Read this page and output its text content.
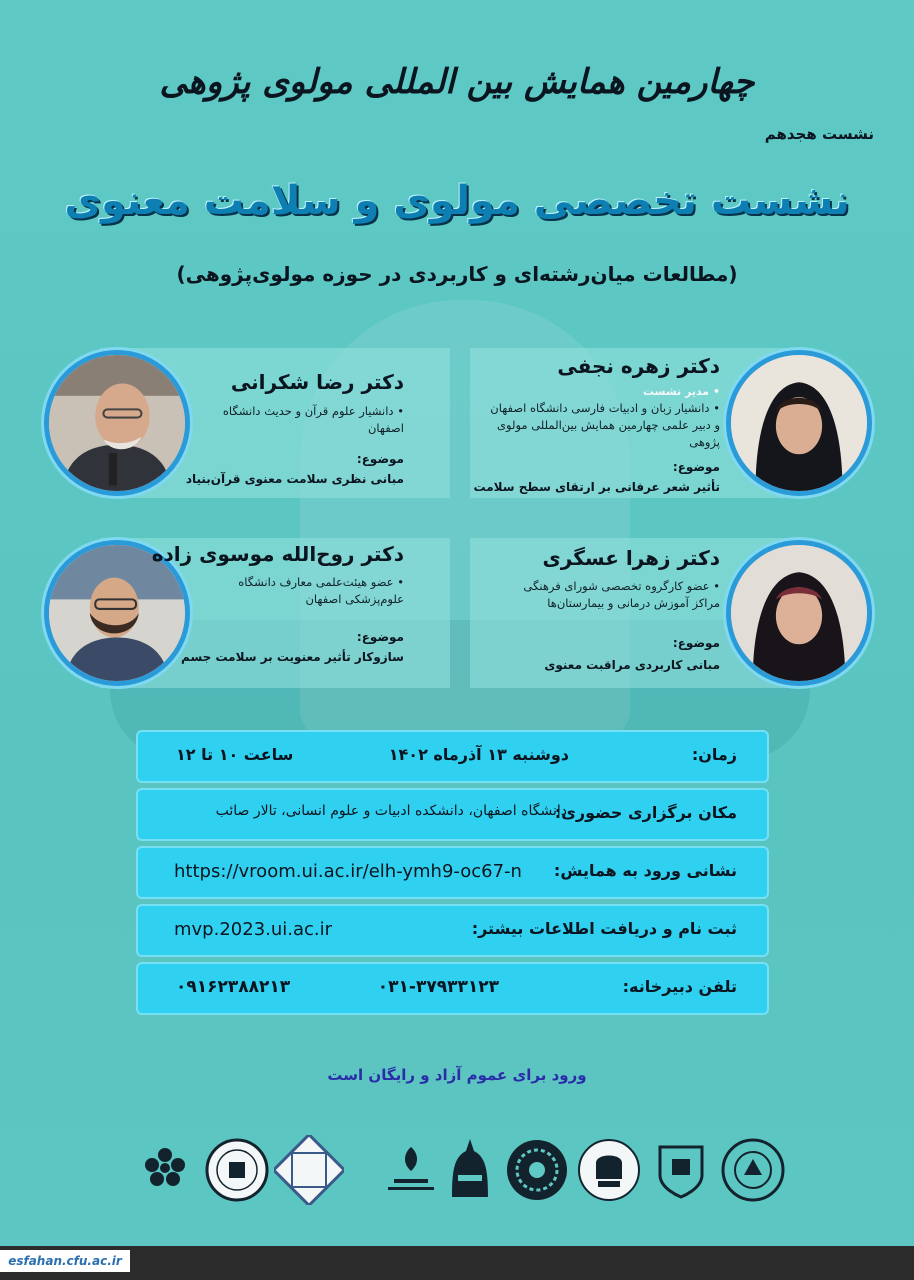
چهارمین همایش بین المللی مولوی پژوهی
نشست هجدهم
نشست تخصصی مولوی و سلامت معنوی
(مطالعات میان‌رشته‌ای و کاربردی در حوزه مولوی‌پژوهی)
دکتر زهره نجفی
• مدیر نشست
• دانشیار زبان و ادبیات فارسی دانشگاه اصفهان
و دبیر علمی چهارمین همایش بین‌المللی مولوی
پژوهی
موضوع:
تأثیر شعر عرفانی بر ارتقای سطح سلامت
دکتر رضا شکرانی
• دانشیار علوم قرآن و حدیث دانشگاه
اصفهان
موضوع:
مبانی نظری سلامت معنوی قرآن‌بنیاد
دکتر زهرا عسگری
• عضو کارگروه تخصصی شورای فرهنگی
مراکز آموزش درمانی و بیمارستان‌ها
موضوع:
مبانی کاربردی مراقبت معنوی
دکتر روح‌الله موسوی زاده
• عضو هیئت‌علمی معارف دانشگاه
علوم‌پزشکی اصفهان
موضوع:
سازوکار تأثیر معنویت بر سلامت جسم
زمان:
دوشنبه ۱۳ آذرماه ۱۴۰۲
ساعت ۱۰ تا ۱۲
مکان برگزاری حضوری:
دانشگاه اصفهان، دانشکده ادبیات و علوم انسانی، تالار صائب
نشانی ورود به همایش:
https://vroom.ui.ac.ir/elh-ymh9-oc67-n
ثبت نام و دریافت اطلاعات بیشتر:
mvp.2023.ui.ac.ir
تلفن دبیرخانه:
۰۳۱-۳۷۹۳۳۱۲۳
۰۹۱۶۲۳۸۸۲۱۳
ورود برای عموم آزاد و رایگان است
esfahan.cfu.ac.ir
